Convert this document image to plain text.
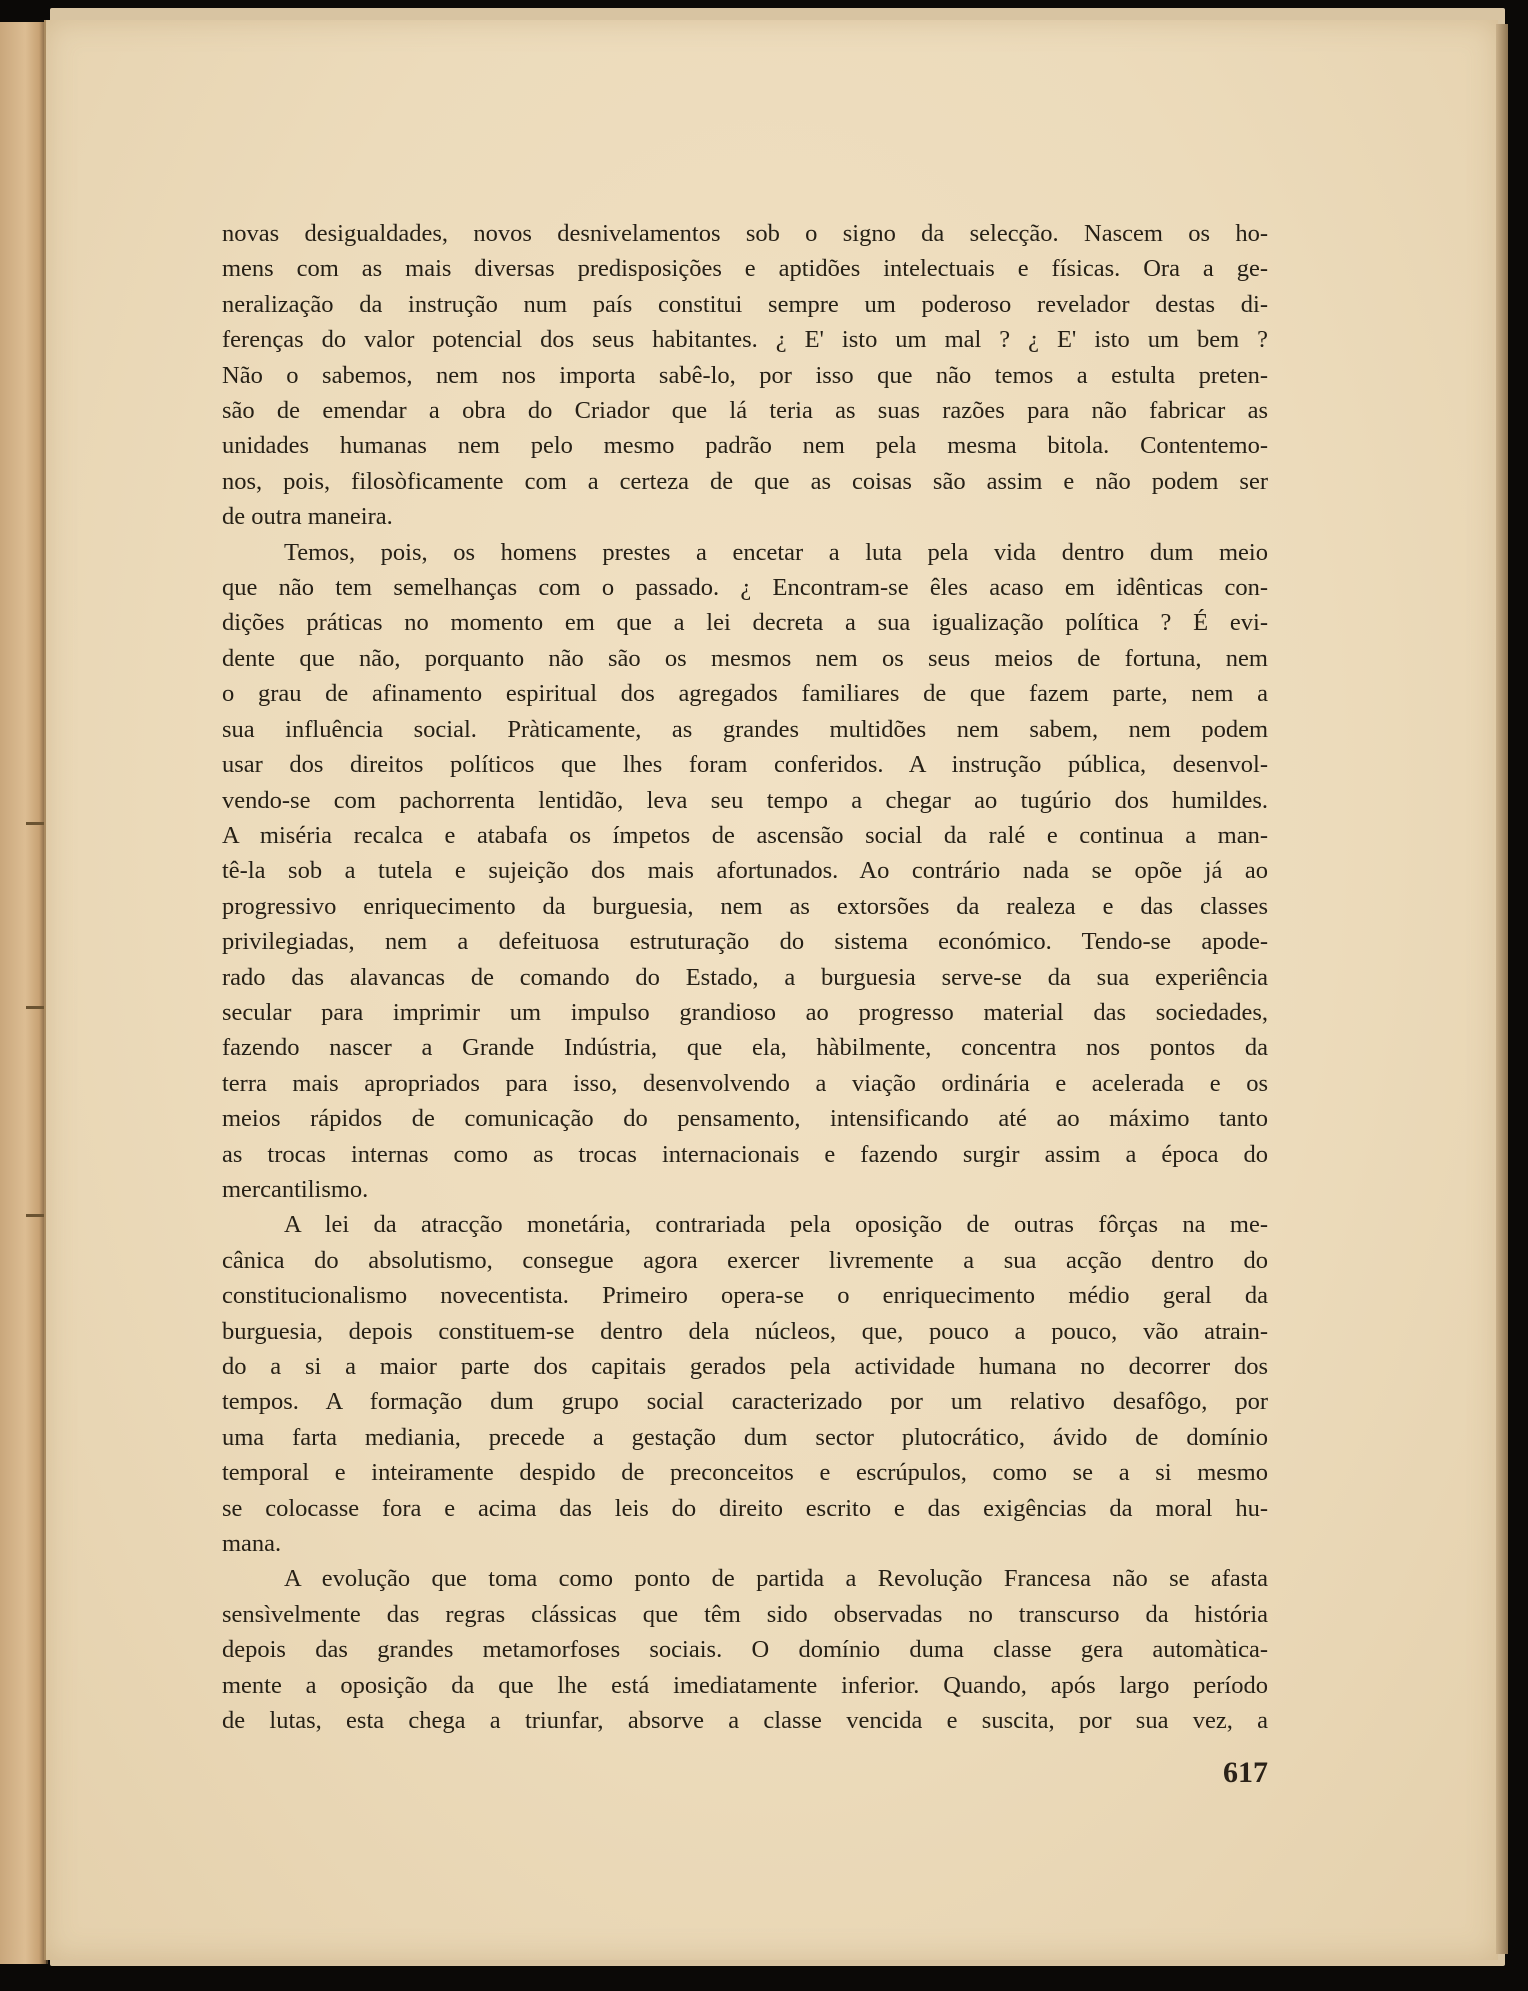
novas desigualdades, novos desnivelamentos sob o signo da selecção. Nascem os ho-
mens com as mais diversas predisposições e aptidões intelectuais e físicas. Ora a ge-
neralização da instrução num país constitui sempre um poderoso revelador destas di-
ferenças do valor potencial dos seus habitantes. ¿ E' isto um mal ? ¿ E' isto um bem ?
Não o sabemos, nem nos importa sabê-lo, por isso que não temos a estulta preten-
são de emendar a obra do Criador que lá teria as suas razões para não fabricar as
unidades humanas nem pelo mesmo padrão nem pela mesma bitola. Contentemo-
nos, pois, filosòficamente com a certeza de que as coisas são assim e não podem ser
de outra maneira.

Temos, pois, os homens prestes a encetar a luta pela vida dentro dum meio
que não tem semelhanças com o passado. ¿ Encontram-se êles acaso em idênticas con-
dições práticas no momento em que a lei decreta a sua igualização política ? É evi-
dente que não, porquanto não são os mesmos nem os seus meios de fortuna, nem
o grau de afinamento espiritual dos agregados familiares de que fazem parte, nem a
sua influência social. Pràticamente, as grandes multidões nem sabem, nem podem
usar dos direitos políticos que lhes foram conferidos. A instrução pública, desenvol-
vendo-se com pachorrenta lentidão, leva seu tempo a chegar ao tugúrio dos humildes.
A miséria recalca e atabafa os ímpetos de ascensão social da ralé e continua a man-
tê-la sob a tutela e sujeição dos mais afortunados. Ao contrário nada se opõe já ao
progressivo enriquecimento da burguesia, nem as extorsões da realeza e das classes
privilegiadas, nem a defeituosa estruturação do sistema económico. Tendo-se apode-
rado das alavancas de comando do Estado, a burguesia serve-se da sua experiência
secular para imprimir um impulso grandioso ao progresso material das sociedades,
fazendo nascer a Grande Indústria, que ela, hàbilmente, concentra nos pontos da
terra mais apropriados para isso, desenvolvendo a viação ordinária e acelerada e os
meios rápidos de comunicação do pensamento, intensificando até ao máximo tanto
as trocas internas como as trocas internacionais e fazendo surgir assim a época do
mercantilismo.

A lei da atracção monetária, contrariada pela oposição de outras fôrças na me-
cânica do absolutismo, consegue agora exercer livremente a sua acção dentro do
constitucionalismo novecentista. Primeiro opera-se o enriquecimento médio geral da
burguesia, depois constituem-se dentro dela núcleos, que, pouco a pouco, vão atrain-
do a si a maior parte dos capitais gerados pela actividade humana no decorrer dos
tempos. A formação dum grupo social caracterizado por um relativo desafôgo, por
uma farta mediania, precede a gestação dum sector plutocrático, ávido de domínio
temporal e inteiramente despido de preconceitos e escrúpulos, como se a si mesmo
se colocasse fora e acima das leis do direito escrito e das exigências da moral hu-
mana.

A evolução que toma como ponto de partida a Revolução Francesa não se afasta
sensìvelmente das regras clássicas que têm sido observadas no transcurso da história
depois das grandes metamorfoses sociais. O domínio duma classe gera automàtica-
mente a oposição da que lhe está imediatamente inferior. Quando, após largo período
de lutas, esta chega a triunfar, absorve a classe vencida e suscita, por sua vez, a

617
